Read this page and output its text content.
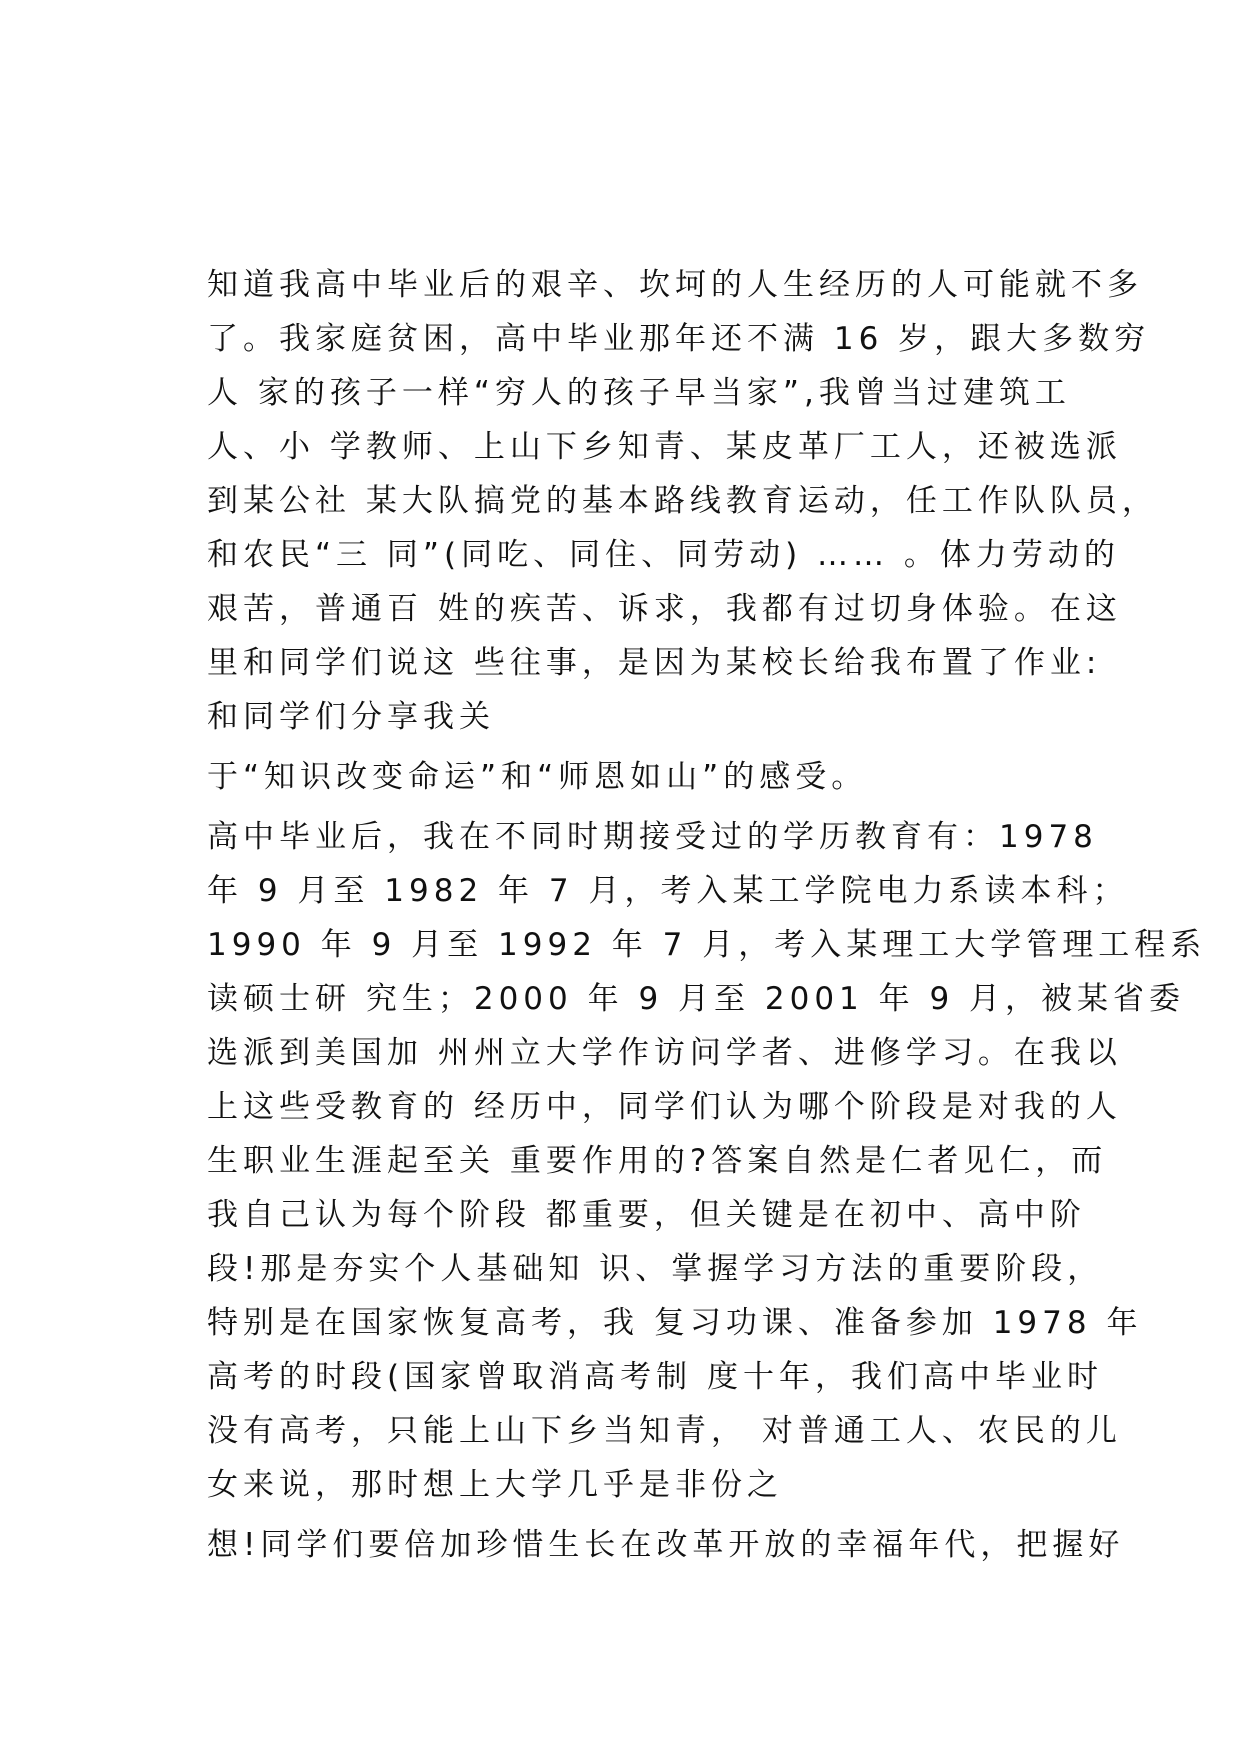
知道我高中毕业后的艰辛、坎坷的人生经历的人可能就不多
了。我家庭贫困，高中毕业那年还不满 16 岁，跟大多数穷
人 家的孩子一样“穷人的孩子早当家”,我曾当过建筑工
人、小 学教师、上山下乡知青、某皮革厂工人，还被选派
到某公社 某大队搞党的基本路线教育运动，任工作队队员，
和农民“三 同”(同吃、同住、同劳动) …… 。体力劳动的
艰苦，普通百 姓的疾苦、诉求，我都有过切身体验。在这
里和同学们说这 些往事，是因为某校长给我布置了作业:
和同学们分享我关
于“知识改变命运”和“师恩如山”的感受。
高中毕业后，我在不同时期接受过的学历教育有：1978
年 9 月至 1982 年 7 月，考入某工学院电力系读本科；
1990 年 9 月至 1992 年 7 月，考入某理工大学管理工程系
读硕士研 究生；2000 年 9 月至 2001 年 9 月，被某省委
选派到美国加 州州立大学作访问学者、进修学习。在我以
上这些受教育的 经历中，同学们认为哪个阶段是对我的人
生职业生涯起至关 重要作用的?答案自然是仁者见仁，而
我自己认为每个阶段 都重要，但关键是在初中、高中阶
段!那是夯实个人基础知 识、掌握学习方法的重要阶段，
特别是在国家恢复高考，我 复习功课、准备参加 1978 年
高考的时段(国家曾取消高考制 度十年，我们高中毕业时
没有高考，只能上山下乡当知青， 对普通工人、农民的儿
女来说，那时想上大学几乎是非份之
想!同学们要倍加珍惜生长在改革开放的幸福年代，把握好
